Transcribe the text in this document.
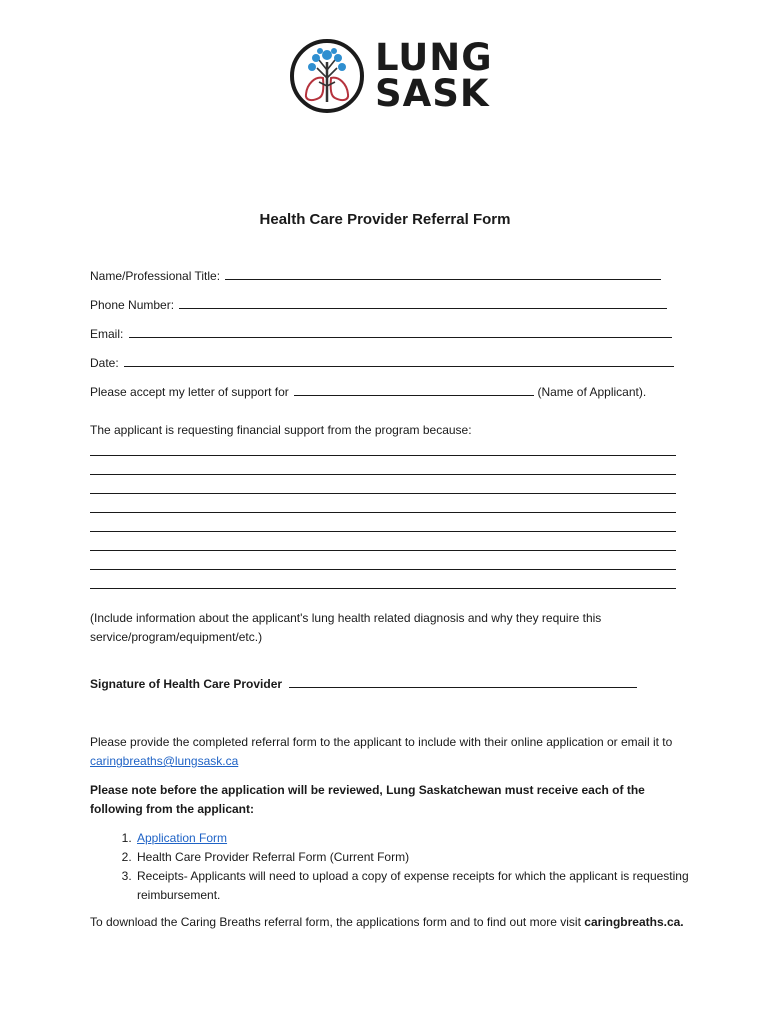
LUNG
SASK
Health Care Provider Referral Form
Name/Professional Title:
Phone Number:
Email:
Date:
Please accept my letter of support for	(Name of Applicant).
The applicant is requesting financial support from the program because:
(Include information about the applicant's lung health related diagnosis and why they require this service/program/equipment/etc.)
Signature of Health Care Provider
Please provide the completed referral form to the applicant to include with their online application or email it to caringbreaths@lungsask.ca
Please note before the application will be reviewed, Lung Saskatchewan must receive each of the following from the applicant:
1. Application Form
2. Health Care Provider Referral Form (Current Form)
3. Receipts- Applicants will need to upload a copy of expense receipts for which the applicant is requesting reimbursement.
To download the Caring Breaths referral form, the applications form and to find out more visit caringbreaths.ca.
